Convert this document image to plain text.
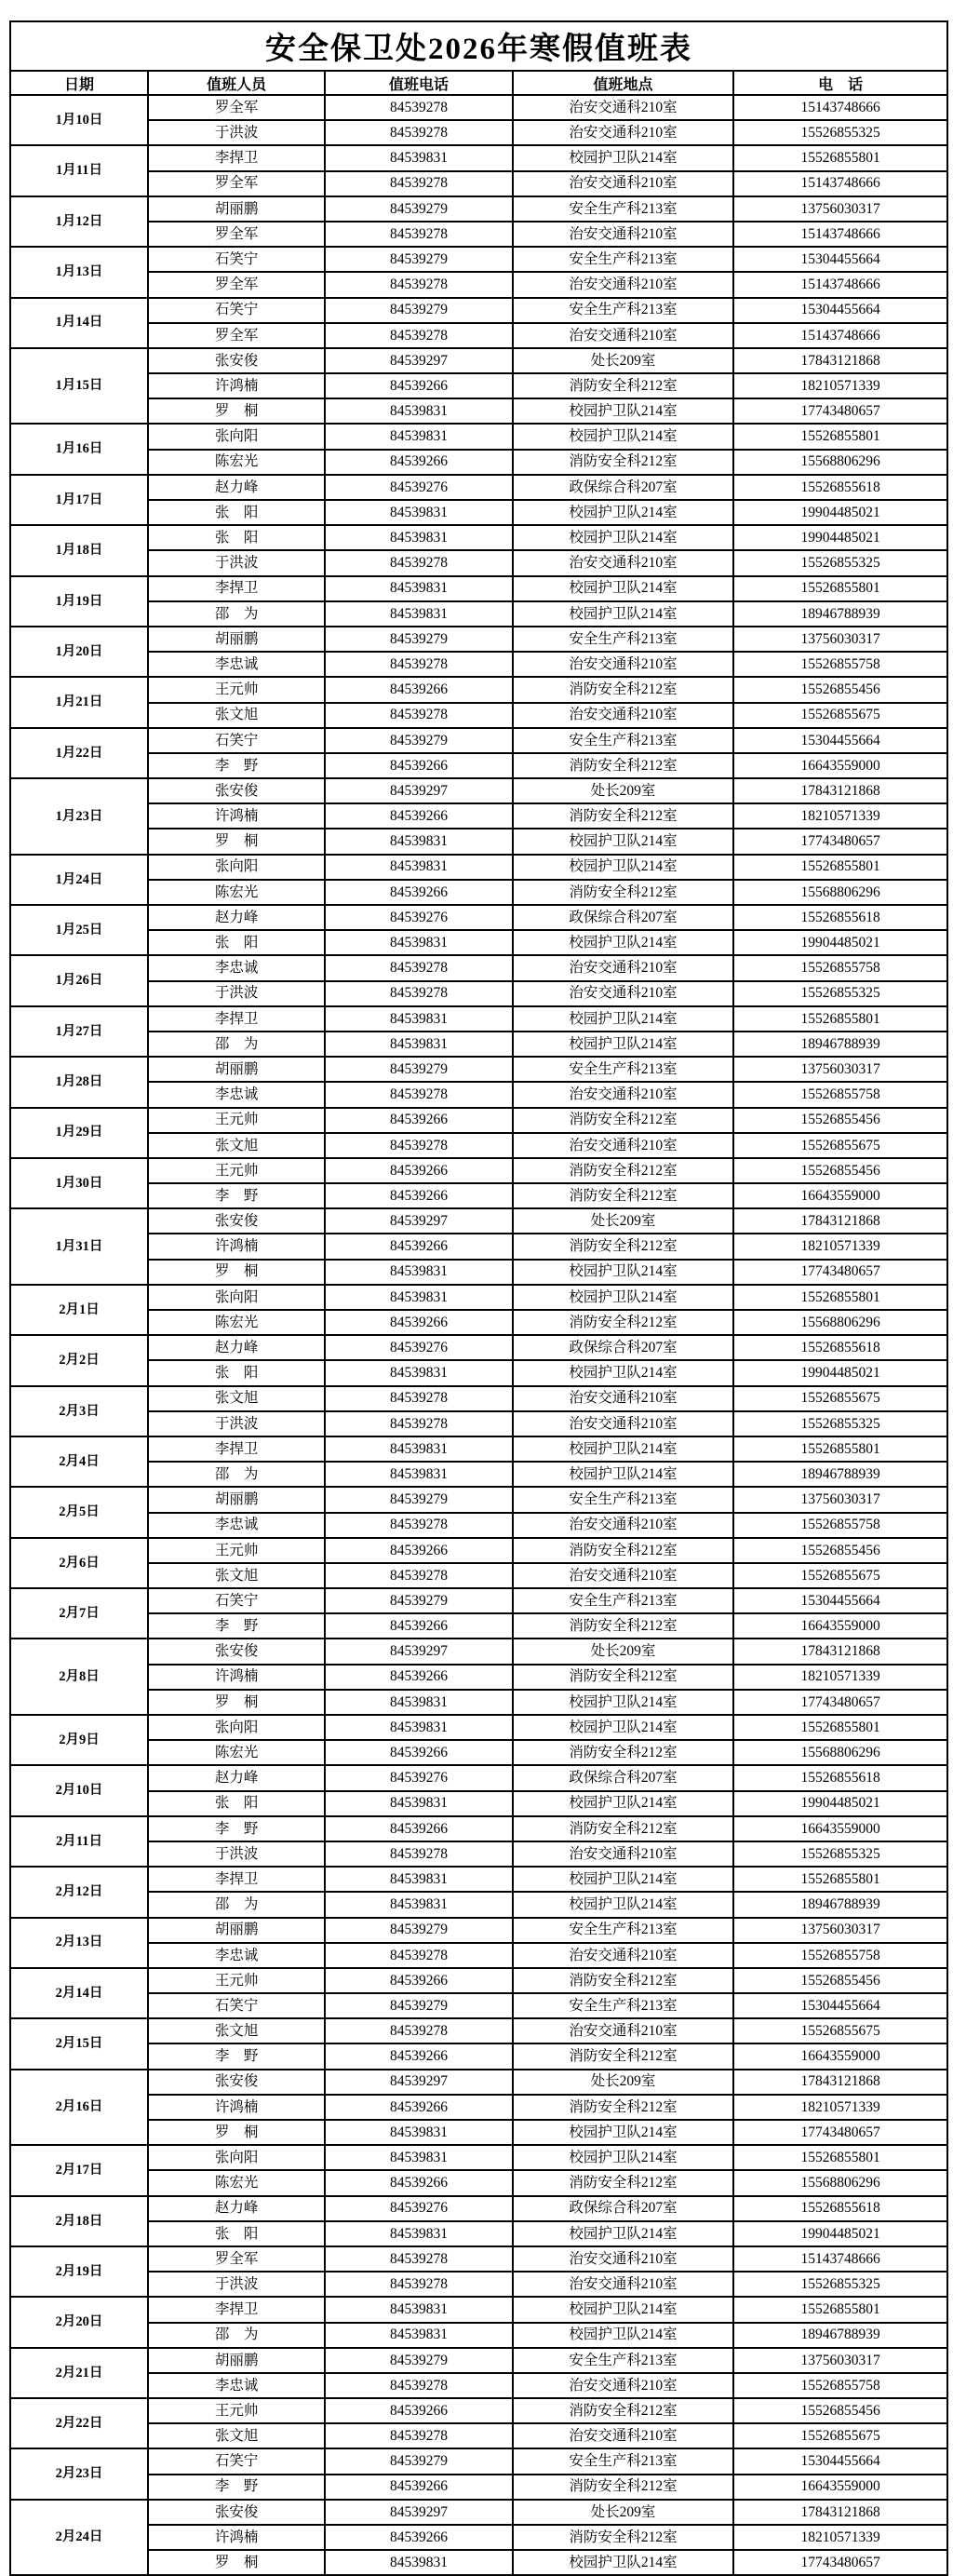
安全保卫处2026年寒假值班表				
日期	值班人员	值班电话	值班地点	电　话
1月10日	罗全军	84539278	治安交通科210室	15143748666
	于洪波	84539278	治安交通科210室	15526855325
1月11日	李捍卫	84539831	校园护卫队214室	15526855801
	罗全军	84539278	治安交通科210室	15143748666
1月12日	胡丽鹏	84539279	安全生产科213室	13756030317
	罗全军	84539278	治安交通科210室	15143748666
1月13日	石笑宁	84539279	安全生产科213室	15304455664
	罗全军	84539278	治安交通科210室	15143748666
1月14日	石笑宁	84539279	安全生产科213室	15304455664
	罗全军	84539278	治安交通科210室	15143748666
1月15日	张安俊	84539297	处长209室	17843121868
	许鸿楠	84539266	消防安全科212室	18210571339
	罗　桐	84539831	校园护卫队214室	17743480657
1月16日	张向阳	84539831	校园护卫队214室	15526855801
	陈宏光	84539266	消防安全科212室	15568806296
1月17日	赵力峰	84539276	政保综合科207室	15526855618
	张　阳	84539831	校园护卫队214室	19904485021
1月18日	张　阳	84539831	校园护卫队214室	19904485021
	于洪波	84539278	治安交通科210室	15526855325
1月19日	李捍卫	84539831	校园护卫队214室	15526855801
	邵　为	84539831	校园护卫队214室	18946788939
1月20日	胡丽鹏	84539279	安全生产科213室	13756030317
	李忠诚	84539278	治安交通科210室	15526855758
1月21日	王元帅	84539266	消防安全科212室	15526855456
	张文旭	84539278	治安交通科210室	15526855675
1月22日	石笑宁	84539279	安全生产科213室	15304455664
	李　野	84539266	消防安全科212室	16643559000
1月23日	张安俊	84539297	处长209室	17843121868
	许鸿楠	84539266	消防安全科212室	18210571339
	罗　桐	84539831	校园护卫队214室	17743480657
1月24日	张向阳	84539831	校园护卫队214室	15526855801
	陈宏光	84539266	消防安全科212室	15568806296
1月25日	赵力峰	84539276	政保综合科207室	15526855618
	张　阳	84539831	校园护卫队214室	19904485021
1月26日	李忠诚	84539278	治安交通科210室	15526855758
	于洪波	84539278	治安交通科210室	15526855325
1月27日	李捍卫	84539831	校园护卫队214室	15526855801
	邵　为	84539831	校园护卫队214室	18946788939
1月28日	胡丽鹏	84539279	安全生产科213室	13756030317
	李忠诚	84539278	治安交通科210室	15526855758
1月29日	王元帅	84539266	消防安全科212室	15526855456
	张文旭	84539278	治安交通科210室	15526855675
1月30日	王元帅	84539266	消防安全科212室	15526855456
	李　野	84539266	消防安全科212室	16643559000
1月31日	张安俊	84539297	处长209室	17843121868
	许鸿楠	84539266	消防安全科212室	18210571339
	罗　桐	84539831	校园护卫队214室	17743480657
2月1日	张向阳	84539831	校园护卫队214室	15526855801
	陈宏光	84539266	消防安全科212室	15568806296
2月2日	赵力峰	84539276	政保综合科207室	15526855618
	张　阳	84539831	校园护卫队214室	19904485021
2月3日	张文旭	84539278	治安交通科210室	15526855675
	于洪波	84539278	治安交通科210室	15526855325
2月4日	李捍卫	84539831	校园护卫队214室	15526855801
	邵　为	84539831	校园护卫队214室	18946788939
2月5日	胡丽鹏	84539279	安全生产科213室	13756030317
	李忠诚	84539278	治安交通科210室	15526855758
2月6日	王元帅	84539266	消防安全科212室	15526855456
	张文旭	84539278	治安交通科210室	15526855675
2月7日	石笑宁	84539279	安全生产科213室	15304455664
	李　野	84539266	消防安全科212室	16643559000
2月8日	张安俊	84539297	处长209室	17843121868
	许鸿楠	84539266	消防安全科212室	18210571339
	罗　桐	84539831	校园护卫队214室	17743480657
2月9日	张向阳	84539831	校园护卫队214室	15526855801
	陈宏光	84539266	消防安全科212室	15568806296
2月10日	赵力峰	84539276	政保综合科207室	15526855618
	张　阳	84539831	校园护卫队214室	19904485021
2月11日	李　野	84539266	消防安全科212室	16643559000
	于洪波	84539278	治安交通科210室	15526855325
2月12日	李捍卫	84539831	校园护卫队214室	15526855801
	邵　为	84539831	校园护卫队214室	18946788939
2月13日	胡丽鹏	84539279	安全生产科213室	13756030317
	李忠诚	84539278	治安交通科210室	15526855758
2月14日	王元帅	84539266	消防安全科212室	15526855456
	石笑宁	84539279	安全生产科213室	15304455664
2月15日	张文旭	84539278	治安交通科210室	15526855675
	李　野	84539266	消防安全科212室	16643559000
2月16日	张安俊	84539297	处长209室	17843121868
	许鸿楠	84539266	消防安全科212室	18210571339
	罗　桐	84539831	校园护卫队214室	17743480657
2月17日	张向阳	84539831	校园护卫队214室	15526855801
	陈宏光	84539266	消防安全科212室	15568806296
2月18日	赵力峰	84539276	政保综合科207室	15526855618
	张　阳	84539831	校园护卫队214室	19904485021
2月19日	罗全军	84539278	治安交通科210室	15143748666
	于洪波	84539278	治安交通科210室	15526855325
2月20日	李捍卫	84539831	校园护卫队214室	15526855801
	邵　为	84539831	校园护卫队214室	18946788939
2月21日	胡丽鹏	84539279	安全生产科213室	13756030317
	李忠诚	84539278	治安交通科210室	15526855758
2月22日	王元帅	84539266	消防安全科212室	15526855456
	张文旭	84539278	治安交通科210室	15526855675
2月23日	石笑宁	84539279	安全生产科213室	15304455664
	李　野	84539266	消防安全科212室	16643559000
2月24日	张安俊	84539297	处长209室	17843121868
	许鸿楠	84539266	消防安全科212室	18210571339
	罗　桐	84539831	校园护卫队214室	17743480657
